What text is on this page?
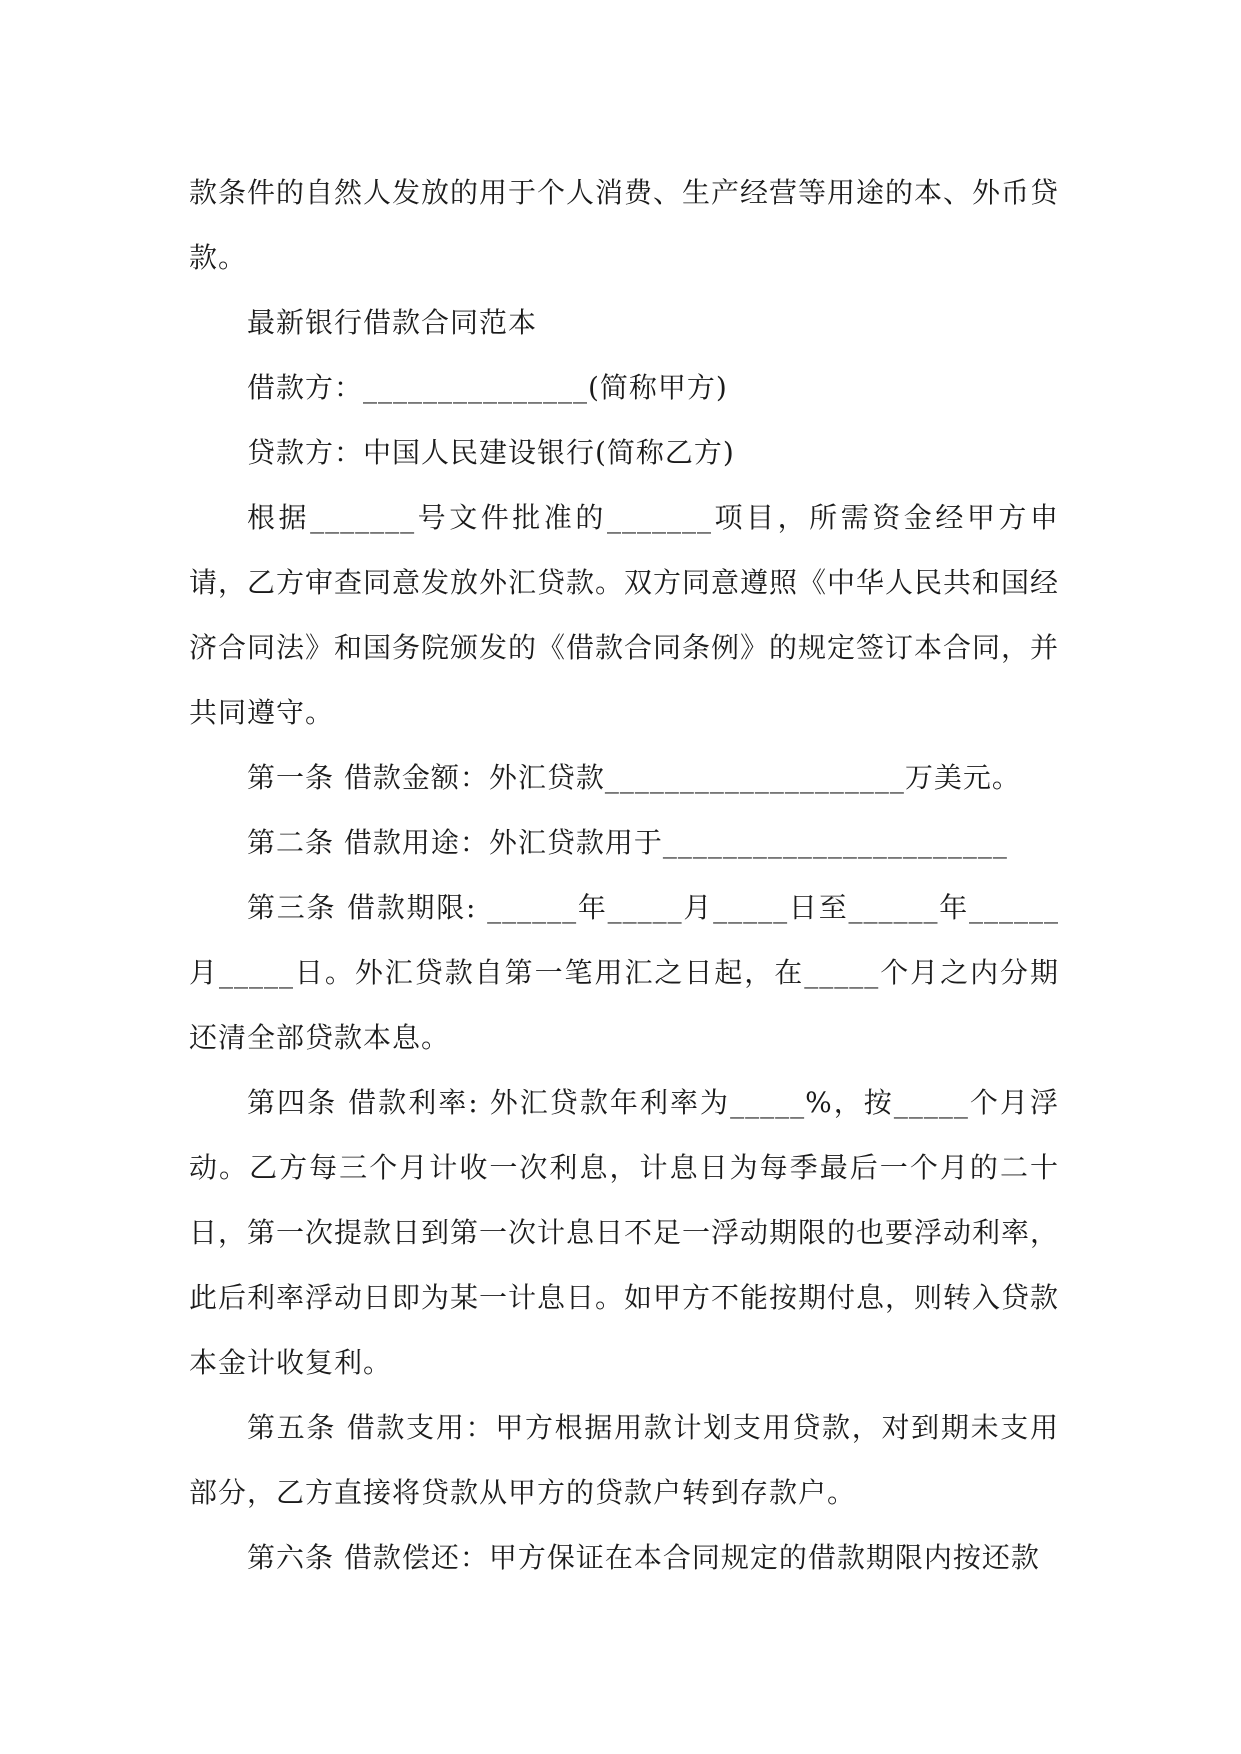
款条件的自然人发放的用于个人消费、生产经营等用途的本、外币贷款。

最新银行借款合同范本

借款方：_______________(简称甲方)

贷款方：中国人民建设银行(简称乙方)

根据_______号文件批准的_______项目，所需资金经甲方申请，乙方审查同意发放外汇贷款。双方同意遵照《中华人民共和国经济合同法》和国务院颁发的《借款合同条例》的规定签订本合同，并共同遵守。

第一条 借款金额：外汇贷款____________________万美元。

第二条 借款用途：外汇贷款用于_______________________

第三条 借款期限: ______年_____月_____日至______年______月_____日。外汇贷款自第一笔用汇之日起，在_____个月之内分期还清全部贷款本息。

第四条 借款利率: 外汇贷款年利率为_____%，按_____个月浮动。乙方每三个月计收一次利息，计息日为每季最后一个月的二十日，第一次提款日到第一次计息日不足一浮动期限的也要浮动利率，此后利率浮动日即为某一计息日。如甲方不能按期付息，则转入贷款本金计收复利。

第五条 借款支用：甲方根据用款计划支用贷款，对到期未支用部分，乙方直接将贷款从甲方的贷款户转到存款户。

第六条 借款偿还：甲方保证在本合同规定的借款期限内按还款
